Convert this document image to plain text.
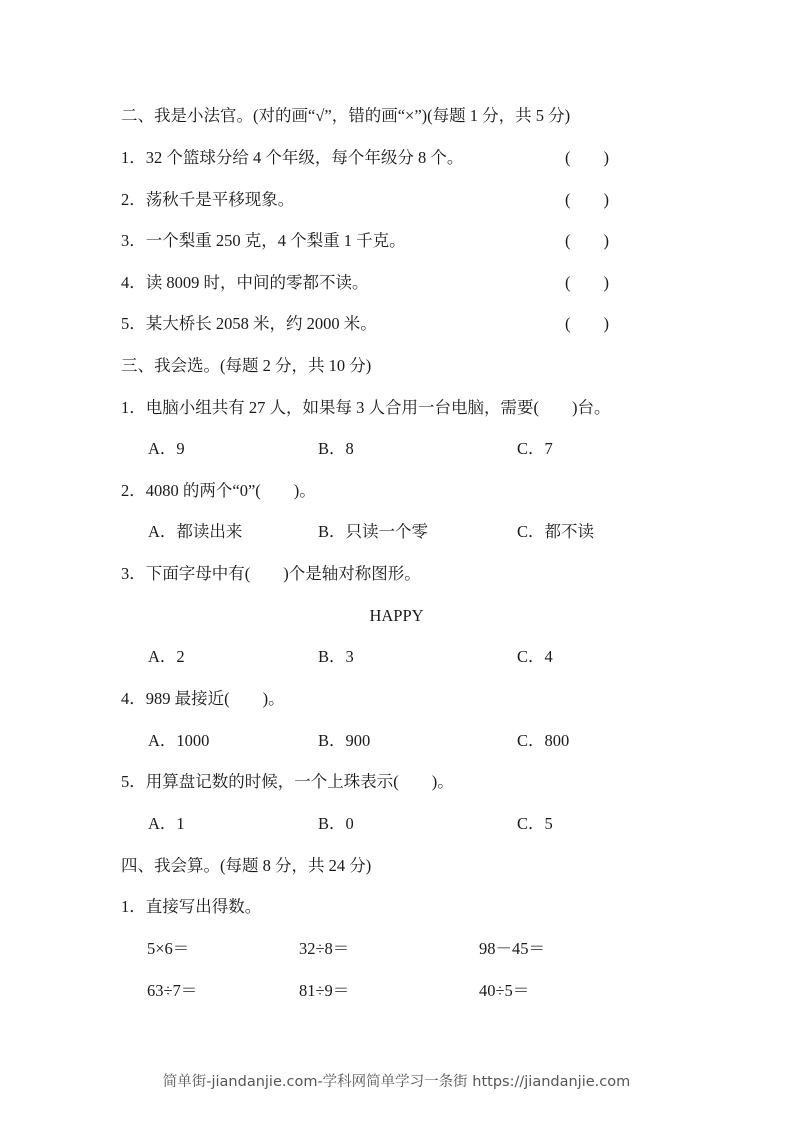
二、我是小法官。(对的画“√”，错的画“×”)(每题 1 分，共 5 分)
1．32 个篮球分给 4 个年级，每个年级分 8 个。	(　　)
2．荡秋千是平移现象。	(　　)
3．一个梨重 250 克，4 个梨重 1 千克。	(　　)
4．读 8009 时，中间的零都不读。	(　　)
5．某大桥长 2058 米，约 2000 米。	(　　)
三、我会选。(每题 2 分，共 10 分)
1．电脑小组共有 27 人，如果每 3 人合用一台电脑，需要(　　)台。
A．9	B．8	C．7
2．4080 的两个“0”(　　)。
A．都读出来	B．只读一个零	C．都不读
3．下面字母中有(　　)个是轴对称图形。
HAPPY
A．2	B．3	C．4
4．989 最接近(　　)。
A．1000	B．900	C．800
5．用算盘记数的时候，一个上珠表示(　　)。
A．1	B．0	C．5
四、我会算。(每题 8 分，共 24 分)
1．直接写出得数。
5×6＝	32÷8＝	98－45＝
63÷7＝	81÷9＝	40÷5＝
简单街-jiandanjie.com-学科网简单学习一条街 https://jiandanjie.com
